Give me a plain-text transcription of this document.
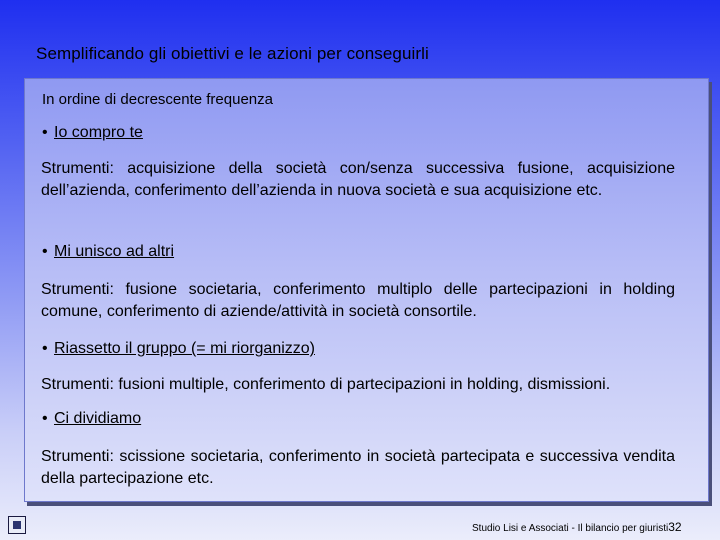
Semplificando gli obiettivi e le azioni per conseguirli
In ordine di decrescente frequenza
• Io compro te
Strumenti: acquisizione della società con/senza successiva fusione, acquisizione dell’azienda, conferimento dell’azienda in nuova società e sua acquisizione etc.
• Mi unisco ad altri
Strumenti: fusione societaria, conferimento multiplo delle partecipazioni in holding comune, conferimento di aziende/attività in società consortile.
• Riassetto il gruppo (= mi riorganizzo)
Strumenti: fusioni multiple, conferimento di partecipazioni in holding, dismissioni.
• Ci dividiamo
Strumenti: scissione societaria, conferimento in società partecipata e successiva vendita della partecipazione etc.
Studio Lisi e Associati - Il bilancio per giuristi32
